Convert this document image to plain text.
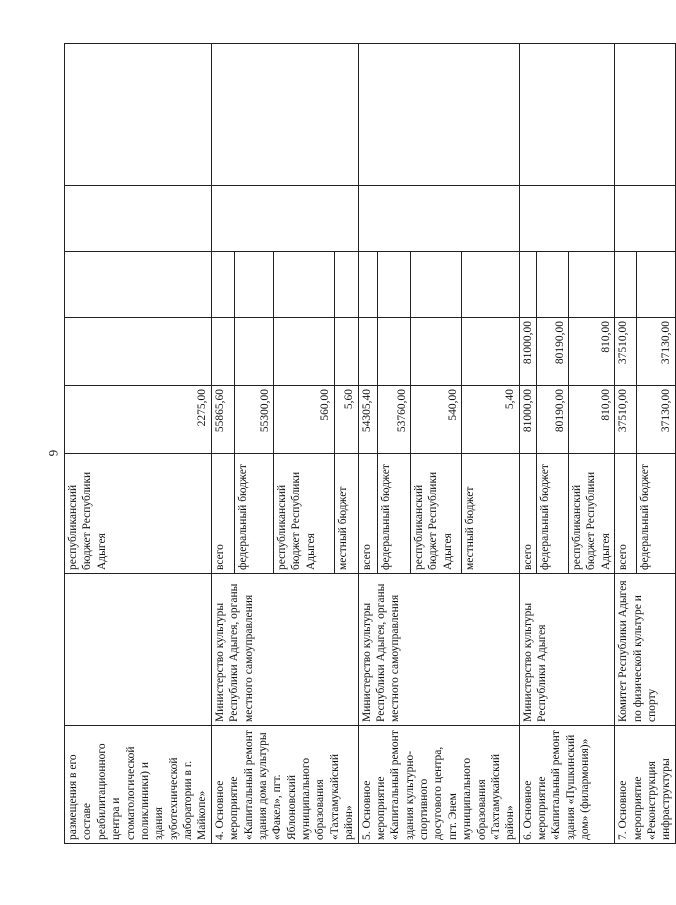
6
размещения в его составе реабилитационного центра и стоматологической поликлиники) и здания зуботехнической лаборатории в г. Майкопе»		республиканский бюджет Республики Адыгея	2275,00				
4. Основное мероприятие «Капитальный ремонт здания дома культуры «Факел», пгт. Яблоновский муниципального образования «Тахтамукайский район»	Министерство культуры Республики Адыгея, органы местного самоуправления	всего	55865,60				
		федеральный бюджет	55300,00				
		республиканский бюджет Республики Адыгея	560,00				
		местный бюджет	5,60				
5. Основное мероприятие «Капитальный ремонт здания культурно-спортивного досугового центра, пгт. Энем муниципального образования «Тахтамукайский район»	Министерство культуры Республики Адыгея, органы местного самоуправления	всего	54305,40				
		федеральный бюджет	53760,00				
		республиканский бюджет Республики Адыгея	540,00				
		местный бюджет	5,40				
6. Основное мероприятие «Капитальный ремонт здания «Пушкинский дом» (филармония)»	Министерство культуры Республики Адыгея	всего	81000,00	81000,00			
		федеральный бюджет	80190,00	80190,00			
		республиканский бюджет Республики Адыгея	810,00	810,00			
7. Основное мероприятие «Реконструкция инфраструктуры	Комитет Республики Адыгея по физической культуре и спорту	всего	37510,00	37510,00			
		федеральный бюджет	37130,00	37130,00			
